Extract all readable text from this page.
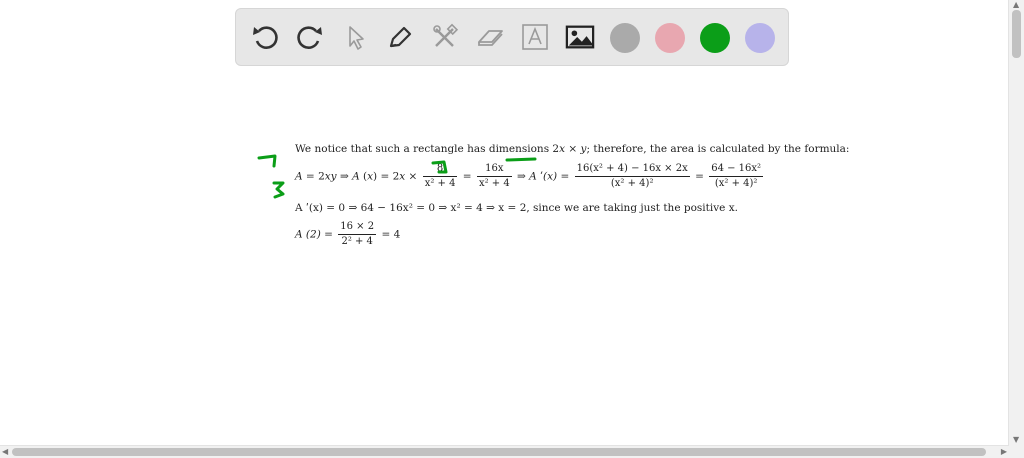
We notice that such a rectangle has dimensions 2x × y; therefore, the area is calculated by the formula:
A = 2xy ⇒ A $(x) = 2x \times \frac{8}{\text{x² + 4}} = \frac{16x}{\text{x² + 4}}$ ⇒ A ʹ(x) = $\frac{\text{16(x² + 4) − 16x × 2x}}{\text{(x² + 4)²}} = \frac{\text{64 − 16x²}}{\text{(x² + 4)²}}$
A ʹ(x) = 0 ⇒ 64 − 16x² = 0 ⇒ x² = 4 ⇒ x = 2, since we are taking just the positive x.
A $(2) = \frac{16 \times 2}{\text{2² + 4}} = 4$
▲
▼
◀	▶
